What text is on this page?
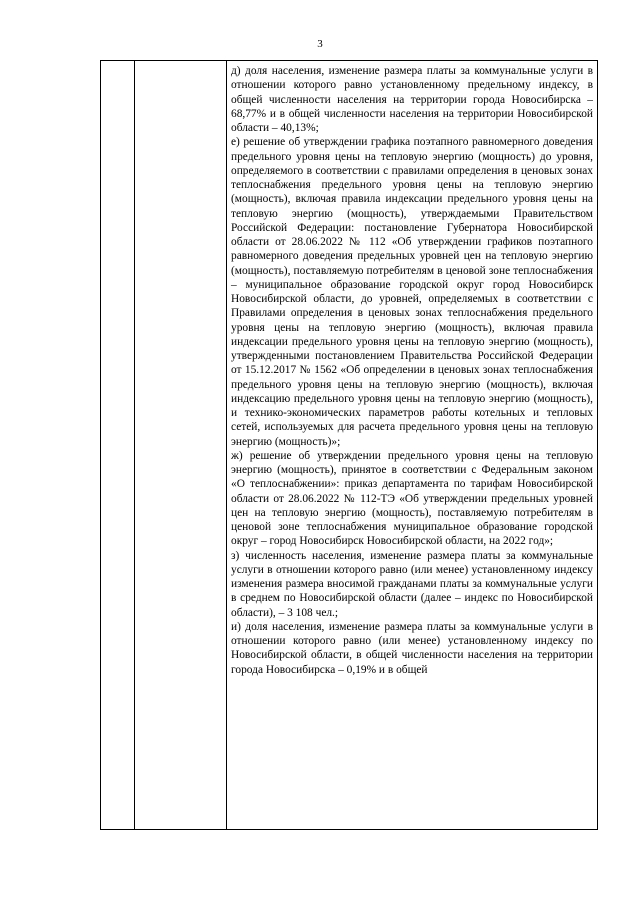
3

д) доля населения, изменение размера платы за коммунальные услуги в отношении которого равно установленному предельному индексу, в общей численности населения на территории города Новосибирска – 68,77% и в общей численности населения на территории Новосибирской области – 40,13%;

е) решение об утверждении графика поэтапного равномерного доведения предельного уровня цены на тепловую энергию (мощность) до уровня, определяемого в соответствии с правилами определения в ценовых зонах теплоснабжения предельного уровня цены на тепловую энергию (мощность), включая правила индексации предельного уровня цены на тепловую энергию (мощность), утверждаемыми Правительством Российской Федерации: постановление Губернатора Новосибирской области от 28.06.2022 № 112 «Об утверждении графиков поэтапного равномерного доведения предельных уровней цен на тепловую энергию (мощность), поставляемую потребителям в ценовой зоне теплоснабжения – муниципальное образование городской округ город Новосибирск Новосибирской области, до уровней, определяемых в соответствии с Правилами определения в ценовых зонах теплоснабжения предельного уровня цены на тепловую энергию (мощность), включая правила индексации предельного уровня цены на тепловую энергию (мощность), утвержденными постановлением Правительства Российской Федерации от 15.12.2017 № 1562 «Об определении в ценовых зонах теплоснабжения предельного уровня цены на тепловую энергию (мощность), включая индексацию предельного уровня цены на тепловую энергию (мощность), и технико-экономических параметров работы котельных и тепловых сетей, используемых для расчета предельного уровня цены на тепловую энергию (мощность)»;

ж) решение об утверждении предельного уровня цены на тепловую энергию (мощность), принятое в соответствии с Федеральным законом «О теплоснабжении»: приказ департамента по тарифам Новосибирской области от 28.06.2022 № 112-ТЭ «Об утверждении предельных уровней цен на тепловую энергию (мощность), поставляемую потребителям в ценовой зоне теплоснабжения муниципальное образование городской округ – город Новосибирск Новосибирской области, на 2022 год»;

з) численность населения, изменение размера платы за коммунальные услуги в отношении которого равно (или менее) установленному индексу изменения размера вносимой гражданами платы за коммунальные услуги в среднем по Новосибирской области (далее – индекс по Новосибирской области), – 3 108 чел.;

и) доля населения, изменение размера платы за коммунальные услуги в отношении которого равно (или менее) установленному индексу по Новосибирской области, в общей численности населения на территории города Новосибирска – 0,19% и в общей
